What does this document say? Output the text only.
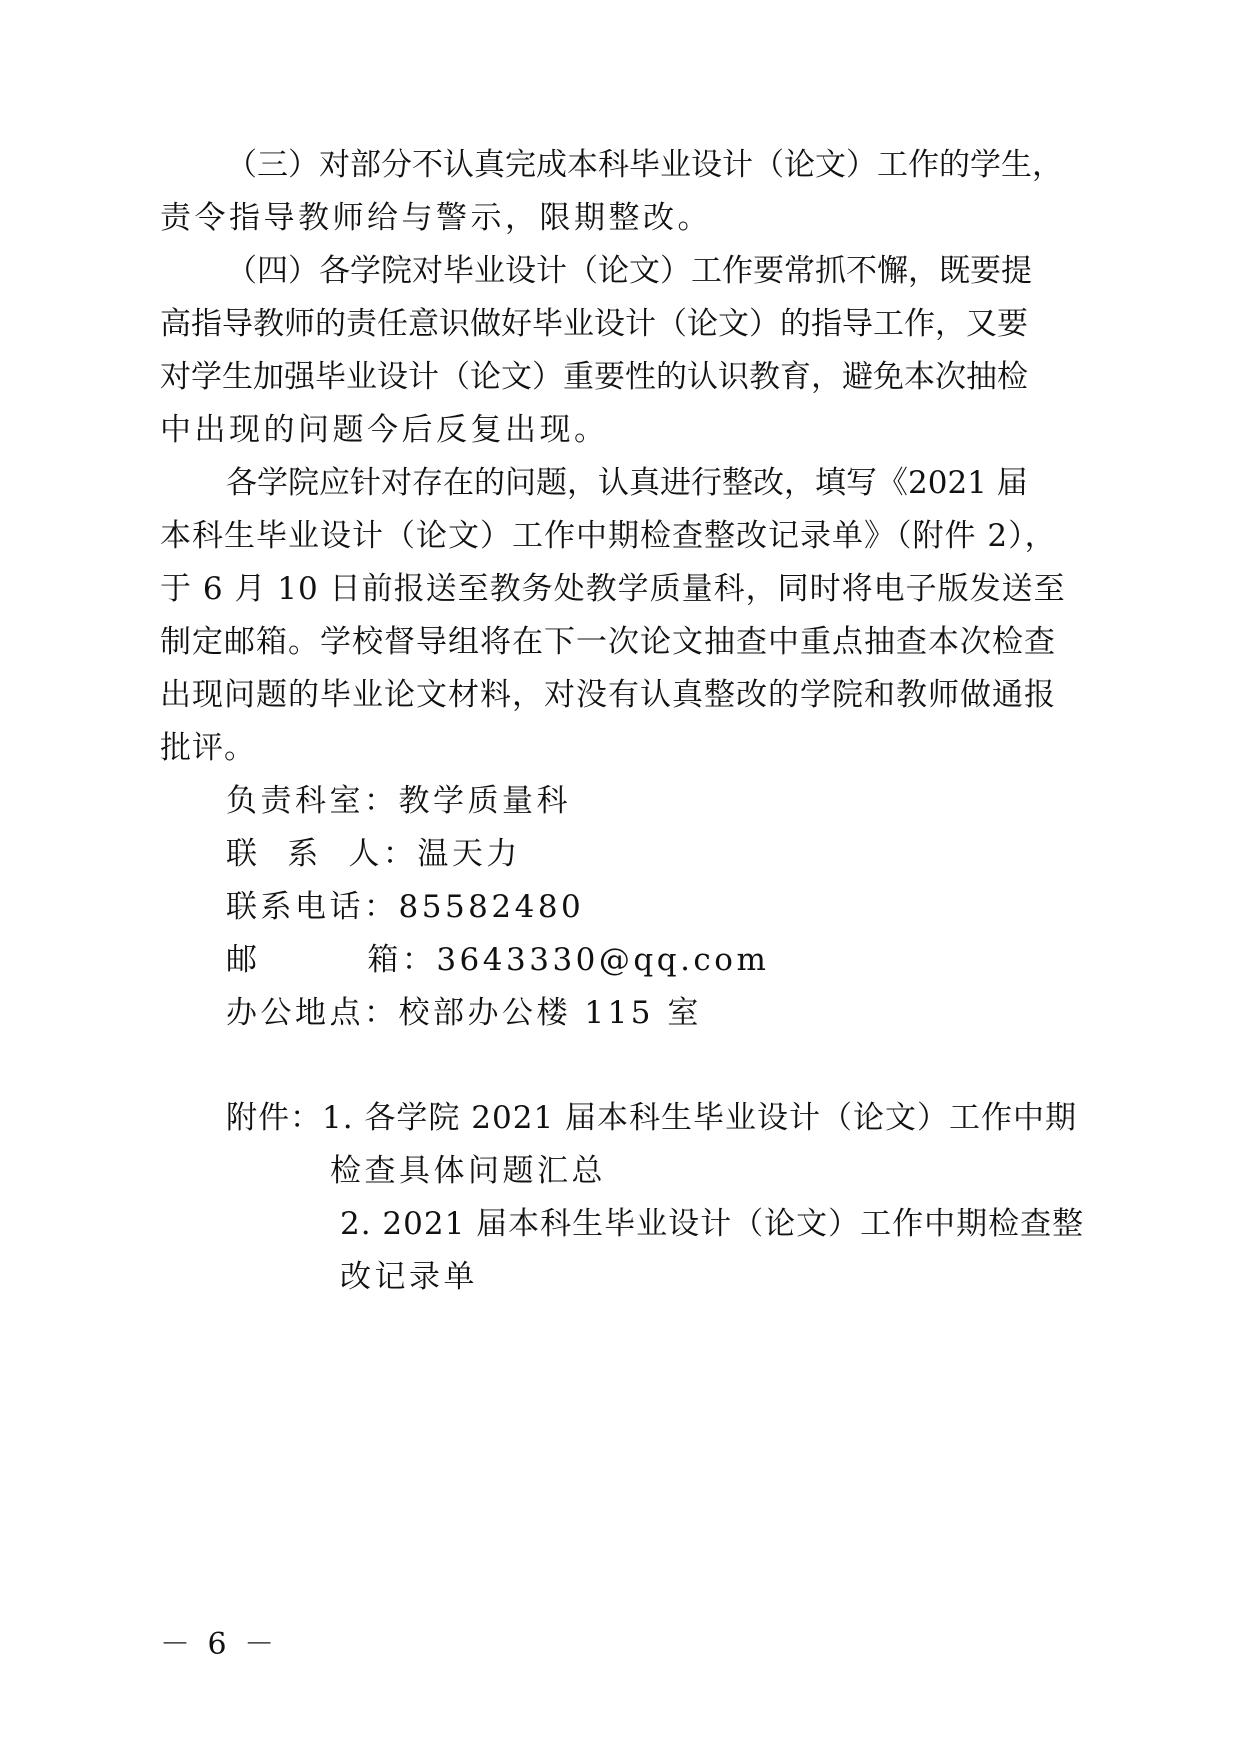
（三）对部分不认真完成本科毕业设计（论文）工作的学生，
责令指导教师给与警示，限期整改。
（四）各学院对毕业设计（论文）工作要常抓不懈，既要提
高指导教师的责任意识做好毕业设计（论文）的指导工作，又要
对学生加强毕业设计（论文）重要性的认识教育，避免本次抽检
中出现的问题今后反复出现。
各学院应针对存在的问题，认真进行整改，填写《2021 届
本科生毕业设计（论文）工作中期检查整改记录单》（附件 2），
于 6 月 10 日前报送至教务处教学质量科，同时将电子版发送至
制定邮箱。学校督导组将在下一次论文抽查中重点抽查本次检查
出现问题的毕业论文材料，对没有认真整改的学院和教师做通报
批评。
负责科室：教学质量科
联  系  人：温天力
联系电话：85582480
邮        箱：3643330@qq.com
办公地点：校部办公楼 115 室
附件：1. 各学院 2021 届本科生毕业设计（论文）工作中期
检查具体问题汇总
2. 2021 届本科生毕业设计（论文）工作中期检查整
改记录单
－ 6 －
